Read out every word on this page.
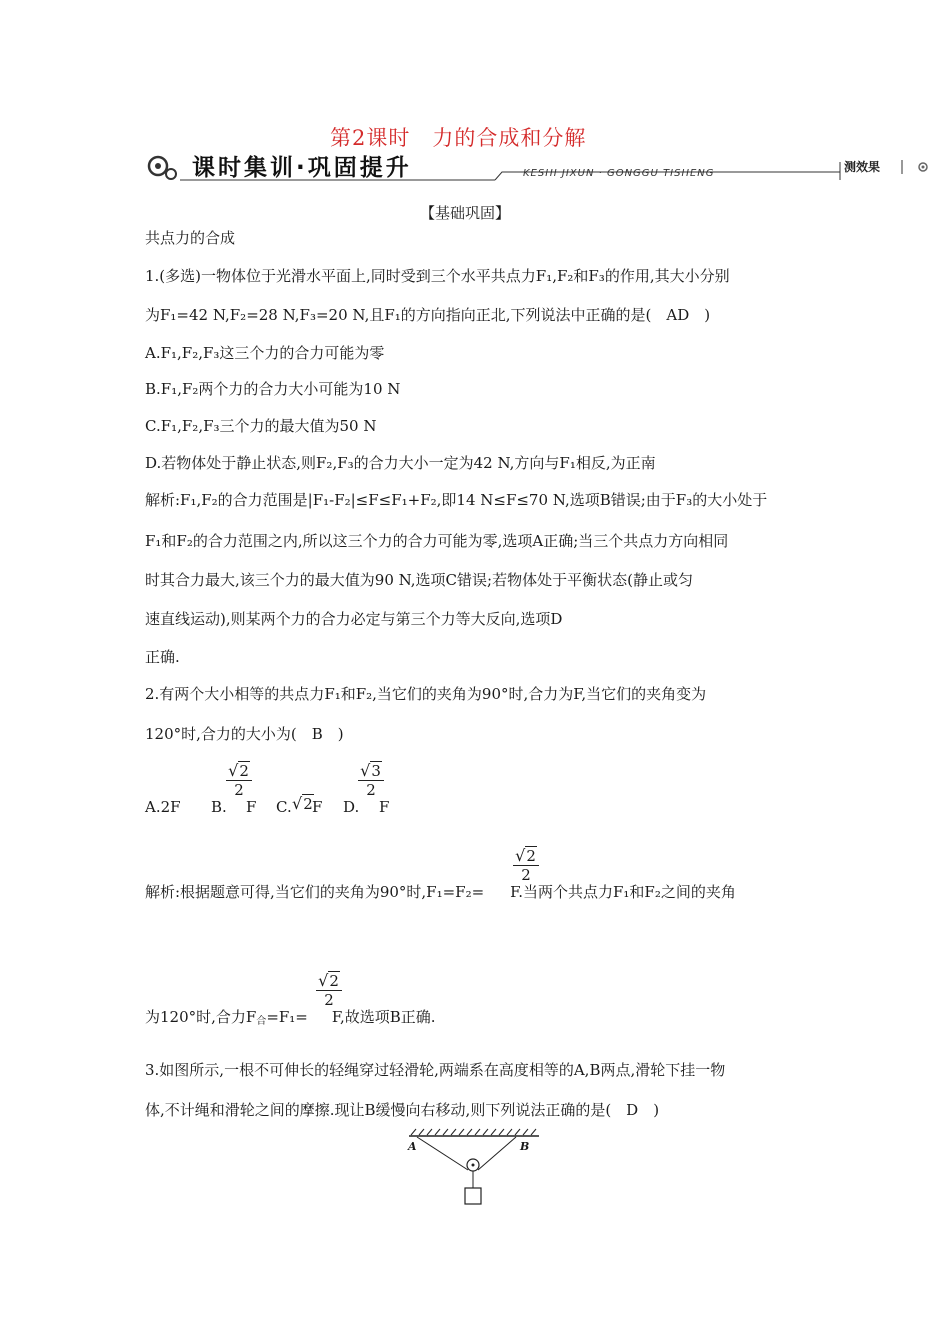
第2课时　力的合成和分解
课时集训·巩固提升	KESHI JIXUN · GONGGU TISHENG	测效果
【基础巩固】
共点力的合成
1.(多选)一物体位于光滑水平面上,同时受到三个水平共点力F₁,F₂和F₃的作用,其大小分别
为F₁=42 N,F₂=28 N,F₃=20 N,且F₁的方向指向正北,下列说法中正确的是(　AD　)
A.F₁,F₂,F₃这三个力的合力可能为零
B.F₁,F₂两个力的合力大小可能为10 N
C.F₁,F₂,F₃三个力的最大值为50 N
D.若物体处于静止状态,则F₂,F₃的合力大小一定为42 N,方向与F₁相反,为正南
解析:F₁,F₂的合力范围是|F₁-F₂|≤F≤F₁+F₂,即14 N≤F≤70 N,选项B错误;由于F₃的大小处于
F₁和F₂的合力范围之内,所以这三个力的合力可能为零,选项A正确;当三个共点力方向相同
时其合力最大,该三个力的最大值为90 N,选项C错误;若物体处于平衡状态(静止或匀
速直线运动),则某两个力的合力必定与第三个力等大反向,选项D
正确.
2.有两个大小相等的共点力F₁和F₂,当它们的夹角为90°时,合力为F,当它们的夹角变为
120°时,合力的大小为(　B　)
A.2F B.
$\frac{√2}{2}$
F C. √2 F D.
$\frac{√3}{2}$
F
解析:根据题意可得,当它们的夹角为90°时,F₁=F₂= F.当两个共点力F₁和F₂之间的夹角
$\frac{√2}{2}$
为120°时,合力$F_合=F_1= F$,故选项B正确.
$\frac{√2}{2}$
3.如图所示,一根不可伸长的轻绳穿过轻滑轮,两端系在高度相等的A,B两点,滑轮下挂一物
体,不计绳和滑轮之间的摩擦.现让B缓慢向右移动,则下列说法正确的是(　D　)
A	B
